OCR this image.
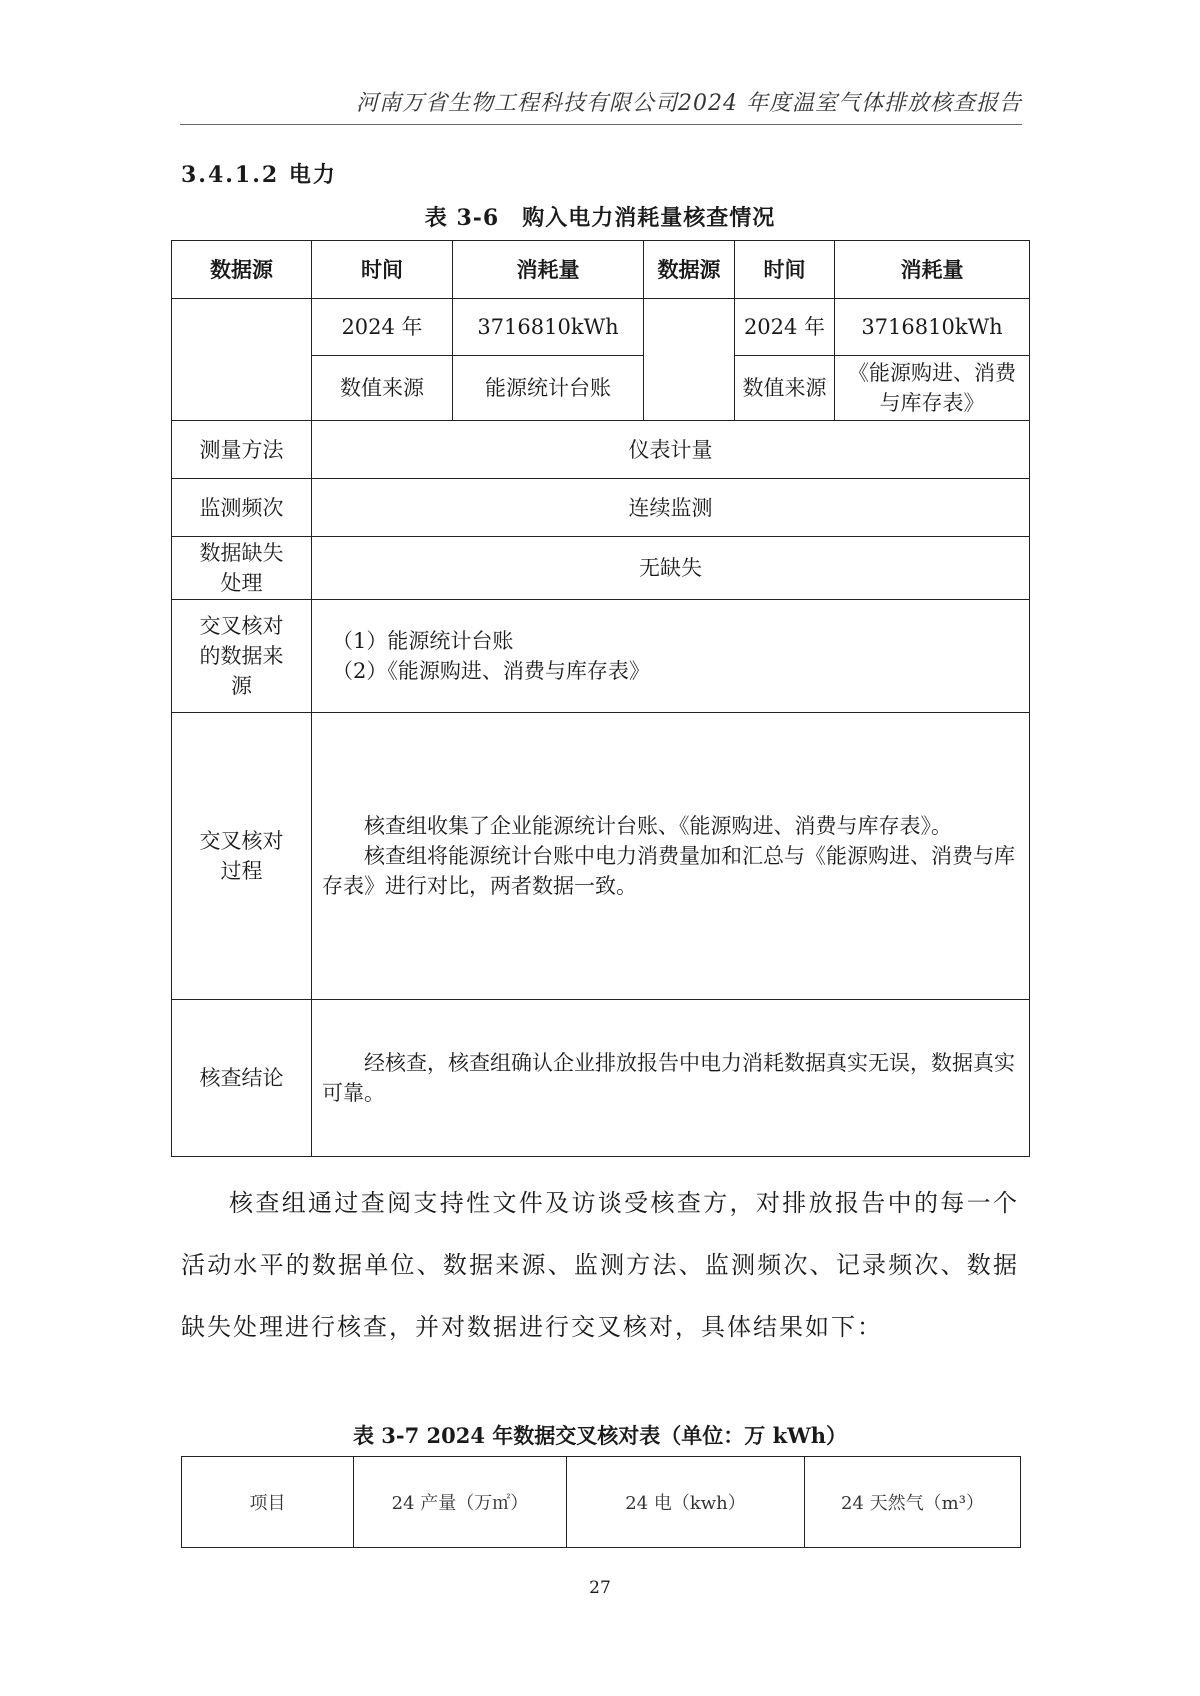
河南万省生物工程科技有限公司2024 年度温室气体排放核查报告
3.4.1.2 电力
表 3-6　购入电力消耗量核查情况
数据源	时间	消耗量	数据源	时间	消耗量
	2024 年	3716810kWh		2024 年	3716810kWh
	数值来源	能源统计台账		数值来源	《能源购进、消费与库存表》
测量方法	仪表计量				
监测频次	连续监测				
数据缺失处理	无缺失				
交叉核对的数据来源	（1）能源统计台账
（2）《能源购进、消费与库存表》				

交叉核对过程	核查组收集了企业能源统计台账、《能源购进、消费与库存表》。
核查组将能源统计台账中电力消费量加和汇总与《能源购进、消费与库存表》进行对比，两者数据一致。				

核查结论	经核查，核查组确认企业排放报告中电力消耗数据真实无误，数据真实可靠。				

核查组通过查阅支持性文件及访谈受核查方，对排放报告中的每一个活动水平的数据单位、数据来源、监测方法、监测频次、记录频次、数据缺失处理进行核查，并对数据进行交叉核对，具体结果如下：

表 3-7 2024 年数据交叉核对表（单位：万 kWh）
项目	24 产量（万㎡）	24 电（kwh）	24 天然气（m³）
27
